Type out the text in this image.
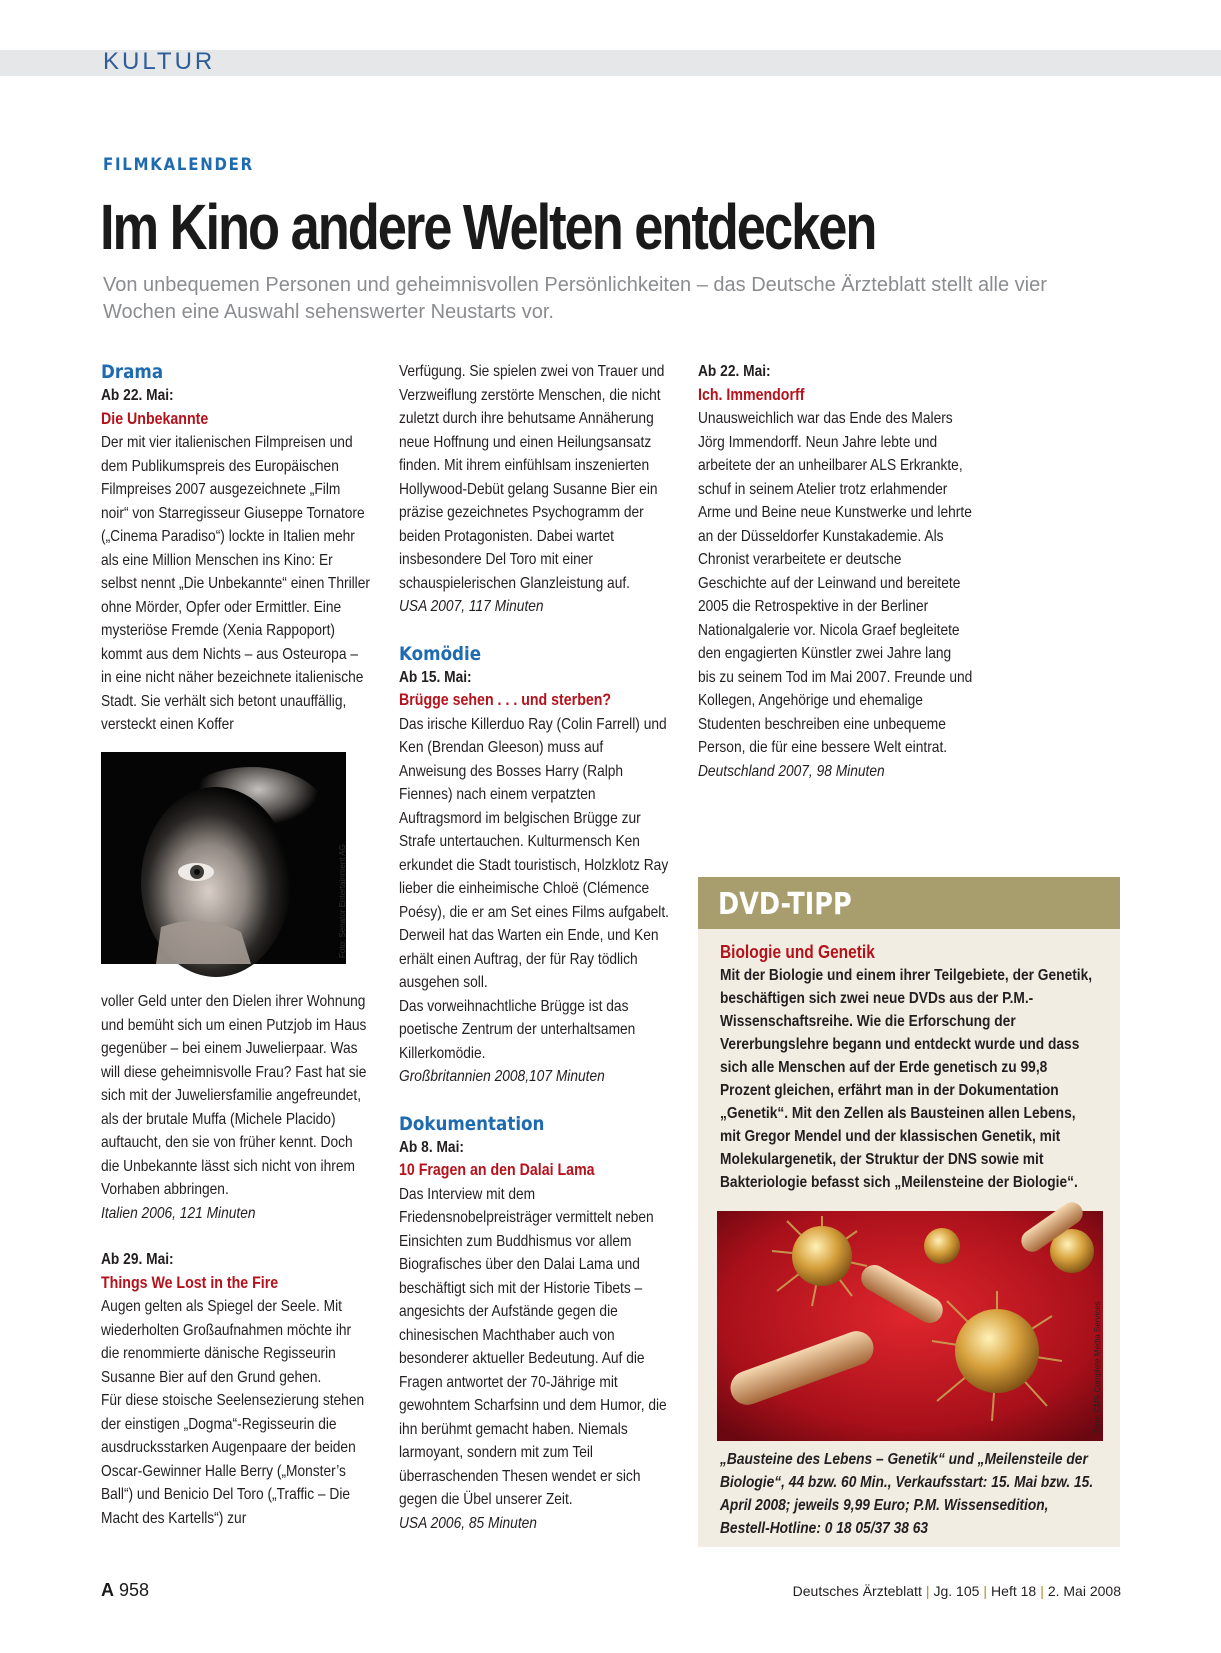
KULTUR
FILMKALENDER
Im Kino andere Welten entdecken
Von unbequemen Personen und geheimnisvollen Persönlichkeiten – das Deutsche Ärzteblatt stellt alle vier Wochen eine Auswahl sehenswerter Neustarts vor.
Drama
Ab 22. Mai:
Die Unbekannte
Der mit vier italienischen Filmpreisen und dem Publikumspreis des Europäischen Filmpreises 2007 ausgezeichnete „Film noir“ von Starregisseur Giuseppe Tornatore („Cinema Paradiso“) lockte in Italien mehr als eine Million Menschen ins Kino: Er selbst nennt „Die Unbekannte“ einen Thriller ohne Mörder, Opfer oder Ermittler. Eine mysteriöse Fremde (Xenia Rappoport) kommt aus dem Nichts – aus Osteuropa – in eine nicht näher bezeichnete italienische Stadt. Sie verhält sich betont unauffällig, versteckt einen Koffer
Foto: Senator Entertainment AG
voller Geld unter den Dielen ihrer Wohnung und bemüht sich um einen Putzjob im Haus gegenüber – bei einem Juwelierpaar. Was will diese geheimnisvolle Frau? Fast hat sie sich mit der Juweliersfamilie angefreundet, als der brutale Muffa (Michele Placido) auftaucht, den sie von früher kennt. Doch die Unbekannte lässt sich nicht von ihrem Vorhaben abbringen.
Italien 2006, 121 Minuten
Ab 29. Mai:
Things We Lost in the Fire
Augen gelten als Spiegel der Seele. Mit wiederholten Großaufnahmen möchte ihr die renommierte dänische Regisseurin Susanne Bier auf den Grund gehen.
Für diese stoische Seelensezierung stehen der einstigen „Dogma“-Regisseurin die ausdrucksstarken Augenpaare der beiden Oscar-Gewinner Halle Berry („Monster’s Ball“) und Benicio Del Toro („Traffic – Die Macht des Kartells“) zur
Verfügung. Sie spielen zwei von Trauer und Verzweiflung zerstörte Menschen, die nicht zuletzt durch ihre behutsame Annäherung neue Hoffnung und einen Heilungsansatz finden. Mit ihrem einfühlsam inszenierten Hollywood-Debüt gelang Susanne Bier ein präzise gezeichnetes Psychogramm der beiden Protagonisten. Dabei wartet insbesondere Del Toro mit einer schauspielerischen Glanzleistung auf.
USA 2007, 117 Minuten
Komödie
Ab 15. Mai:
Brügge sehen . . . und sterben?
Das irische Killerduo Ray (Colin Farrell) und Ken (Brendan Gleeson) muss auf Anweisung des Bosses Harry (Ralph Fiennes) nach einem verpatzten Auftragsmord im belgischen Brügge zur Strafe untertauchen. Kulturmensch Ken erkundet die Stadt touristisch, Holzklotz Ray lieber die einheimische Chloë (Clémence Poésy), die er am Set eines Films aufgabelt. Derweil hat das Warten ein Ende, und Ken erhält einen Auftrag, der für Ray tödlich ausgehen soll.
Das vorweihnachtliche Brügge ist das poetische Zentrum der unterhaltsamen Killerkomödie.
Großbritannien 2008,107 Minuten
Dokumentation
Ab 8. Mai:
10 Fragen an den Dalai Lama
Das Interview mit dem Friedensnobelpreisträger vermittelt neben Einsichten zum Buddhismus vor allem Biografisches über den Dalai Lama und beschäftigt sich mit der Historie Tibets – angesichts der Aufstände gegen die chinesischen Machthaber auch von besonderer aktueller Bedeutung. Auf die Fragen antwortet der 70-Jährige mit gewohntem Scharfsinn und dem Humor, die ihn berühmt gemacht haben. Niemals larmoyant, sondern mit zum Teil überraschenden Thesen wendet er sich gegen die Übel unserer Zeit.
USA 2006, 85 Minuten
Ab 22. Mai:
Ich. Immendorff
Unausweichlich war das Ende des Malers Jörg Immendorff. Neun Jahre lebte und arbeitete der an unheilbarer ALS Erkrankte, schuf in seinem Atelier trotz erlahmender Arme und Beine neue Kunstwerke und lehrte an der Düsseldorfer Kunstakademie. Als Chronist verarbeitete er deutsche Geschichte auf der Leinwand und bereitete 2005 die Retrospektive in der Berliner Nationalgalerie vor. Nicola Graef begleitete den engagierten Künstler zwei Jahre lang bis zu seinem Tod im Mai 2007. Freunde und Kollegen, Angehörige und ehemalige Studenten beschreiben eine unbequeme Person, die für eine bessere Welt eintrat.
Deutschland 2007, 98 Minuten
DVD-TIPP
Biologie und Genetik
Mit der Biologie und einem ihrer Teilgebiete, der Genetik, beschäftigen sich zwei neue DVDs aus der P.M.-Wissenschaftsreihe. Wie die Erforschung der Vererbungslehre begann und entdeckt wurde und dass sich alle Menschen auf der Erde genetisch zu 99,8 Prozent gleichen, erfährt man in der Dokumentation „Genetik“. Mit den Zellen als Bausteinen allen Lebens, mit Gregor Mendel und der klassischen Genetik, mit Molekulargenetik, der Struktur der DNS sowie mit Bakteriologie befasst sich „Meilensteine der Biologie“.
Foto: CMS Complete Media Services
„Bausteine des Lebens – Genetik“ und „Meilensteile der Biologie“, 44 bzw. 60 Min., Verkaufsstart: 15. Mai bzw. 15. April 2008; jeweils 9,99 Euro; P.M. Wissensedition, Bestell-Hotline: 0 18 05/37 38 63
A 958	Deutsches Ärzteblatt | Jg. 105 | Heft 18 | 2. Mai 2008
